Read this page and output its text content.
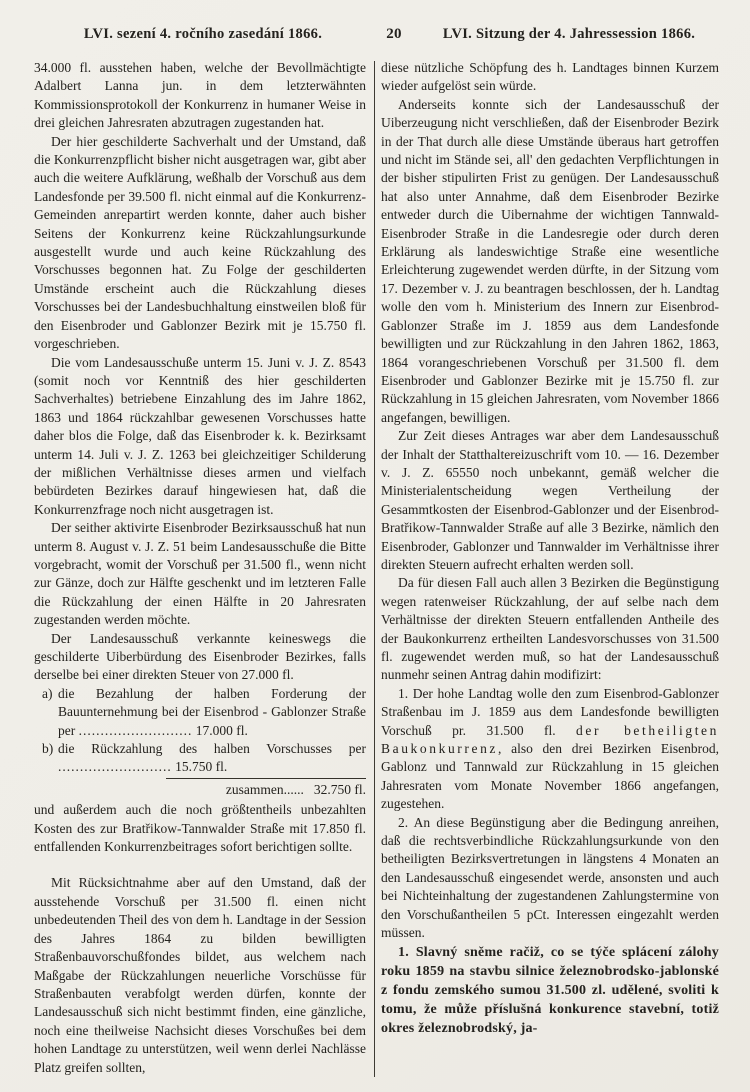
LVI. sezení 4. ročního zasedání 1866.	20	LVI. Sitzung der 4. Jahressession 1866.

34.000 fl. ausstehen haben, welche der Bevollmächtigte Adalbert Lanna jun. in dem letzterwähnten Kommissionsprotokoll der Konkurrenz in humaner Weise in drei gleichen Jahresraten abzutragen zugestanden hat.

Der hier geschilderte Sachverhalt und der Umstand, daß die Konkurrenzpflicht bisher nicht ausgetragen war, gibt aber auch die weitere Aufklärung, weßhalb der Vorschuß aus dem Landesfonde per 39.500 fl. nicht einmal auf die Konkurrenz-Gemeinden anrepartirt werden konnte, daher auch bisher Seitens der Konkurrenz keine Rückzahlungsurkunde ausgestellt wurde und auch keine Rückzahlung des Vorschusses begonnen hat. Zu Folge der geschilderten Umstände erscheint auch die Rückzahlung dieses Vorschusses bei der Landesbuchhaltung einstweilen bloß für den Eisenbroder und Gablonzer Bezirk mit je 15.750 fl. vorgeschrieben.

Die vom Landesausschuße unterm 15. Juni v. J. Z. 8543 (somit noch vor Kenntniß des hier geschilderten Sachverhaltes) betriebene Einzahlung des im Jahre 1862, 1863 und 1864 rückzahlbar gewesenen Vorschusses hatte daher blos die Folge, daß das Eisenbroder k. k. Bezirksamt unterm 14. Juli v. J. Z. 1263 bei gleichzeitiger Schilderung der mißlichen Verhältnisse dieses armen und vielfach bebürdeten Bezirkes darauf hingewiesen hat, daß die Konkurrenzfrage noch nicht ausgetragen ist.

Der seither aktivirte Eisenbroder Bezirksausschuß hat nun unterm 8. August v. J. Z. 51 beim Landesausschuße die Bitte vorgebracht, womit der Vorschuß per 31.500 fl., wenn nicht zur Gänze, doch zur Hälfte geschenkt und im letzteren Falle die Rückzahlung der einen Hälfte in 20 Jahresraten zugestanden werden möchte.

Der Landesausschuß verkannte keineswegs die geschilderte Uiberbürdung des Eisenbroder Bezirkes, falls derselbe bei einer direkten Steuer von 27.000 fl.

a) die Bezahlung der halben Forderung der Bauunternehmung bei der Eisenbrod - Gablonzer Straße per .......................... 17.000 fl.
b) die Rückzahlung des halben Vorschusses per .......................... 15.750 fl.
zusammen...... 32.750 fl.

und außerdem auch die noch größtentheils unbezahlten Kosten des zur Bratřikow-Tannwalder Straße mit 17.850 fl. entfallenden Konkurrenzbeitrages sofort berichtigen sollte.

Mit Rücksichtnahme aber auf den Umstand, daß der ausstehende Vorschuß per 31.500 fl. einen nicht unbedeutenden Theil des von dem h. Landtage in der Session des Jahres 1864 zu bilden bewilligten Straßenbauvorschußfondes bildet, aus welchem nach Maßgabe der Rückzahlungen neuerliche Vorschüsse für Straßenbauten verabfolgt werden dürfen, konnte der Landesausschuß sich nicht bestimmt finden, eine gänzliche, noch eine theilweise Nachsicht dieses Vorschußes bei dem hohen Landtage zu unterstützen, weil wenn derlei Nachlässe Platz greifen sollten,

diese nützliche Schöpfung des h. Landtages binnen Kurzem wieder aufgelöst sein würde.

Anderseits konnte sich der Landesausschuß der Uiberzeugung nicht verschließen, daß der Eisenbroder Bezirk in der That durch alle diese Umstände überaus hart getroffen und nicht im Stände sei, all' den gedachten Verpflichtungen in der bisher stipulirten Frist zu genügen. Der Landesausschuß hat also unter Annahme, daß dem Eisenbroder Bezirke entweder durch die Uibernahme der wichtigen Tannwald-Eisenbroder Straße in die Landesregie oder durch deren Erklärung als landeswichtige Straße eine wesentliche Erleichterung zugewendet werden dürfte, in der Sitzung vom 17. Dezember v. J. zu beantragen beschlossen, der h. Landtag wolle den vom h. Ministerium des Innern zur Eisenbrod-Gablonzer Straße im J. 1859 aus dem Landesfonde bewilligten und zur Rückzahlung in den Jahren 1862, 1863, 1864 vorangeschriebenen Vorschuß per 31.500 fl. dem Eisenbroder und Gablonzer Bezirke mit je 15.750 fl. zur Rückzahlung in 15 gleichen Jahresraten, vom November 1866 angefangen, bewilligen.

Zur Zeit dieses Antrages war aber dem Landesausschuß der Inhalt der Statthaltereizuschrift vom 10. — 16. Dezember v. J. Z. 65550 noch unbekannt, gemäß welcher die Ministerialentscheidung wegen Vertheilung der Gesammtkosten der Eisenbrod-Gablonzer und der Eisenbrod-Bratřikow-Tannwalder Straße auf alle 3 Bezirke, nämlich den Eisenbroder, Gablonzer und Tannwalder im Verhältnisse ihrer direkten Steuern aufrecht erhalten werden soll.

Da für diesen Fall auch allen 3 Bezirken die Begünstigung wegen ratenweiser Rückzahlung, der auf selbe nach dem Verhältnisse der direkten Steuern entfallenden Antheile des der Baukonkurrenz ertheilten Landesvorschusses von 31.500 fl. zugewendet werden muß, so hat der Landesausschuß nunmehr seinen Antrag dahin modifizirt:

1. Der hohe Landtag wolle den zum Eisenbrod-Gablonzer Straßenbau im J. 1859 aus dem Landesfonde bewilligten Vorschuß pr. 31.500 fl. der betheiligten Baukonkurrenz, also den drei Bezirken Eisenbrod, Gablonz und Tannwald zur Rückzahlung in 15 gleichen Jahresraten vom Monate November 1866 angefangen, zugestehen.

2. An diese Begünstigung aber die Bedingung anreihen, daß die rechtsverbindliche Rückzahlungsurkunde von den betheiligten Bezirksvertretungen in längstens 4 Monaten an den Landesausschuß eingesendet werde, ansonsten und auch bei Nichteinhaltung der zugestandenen Zahlungstermine von den Vorschußantheilen 5 pCt. Interessen eingezahlt werden müssen.

1. Slavný sněme račiž, co se týče splácení zálohy roku 1859 na stavbu silnice železnobrodsko-jablonské z fondu zemského sumou 31.500 zl. udělené, svoliti k tomu, že může příslušná konkurence stavební, totiž okres železnobrodský, ja-
